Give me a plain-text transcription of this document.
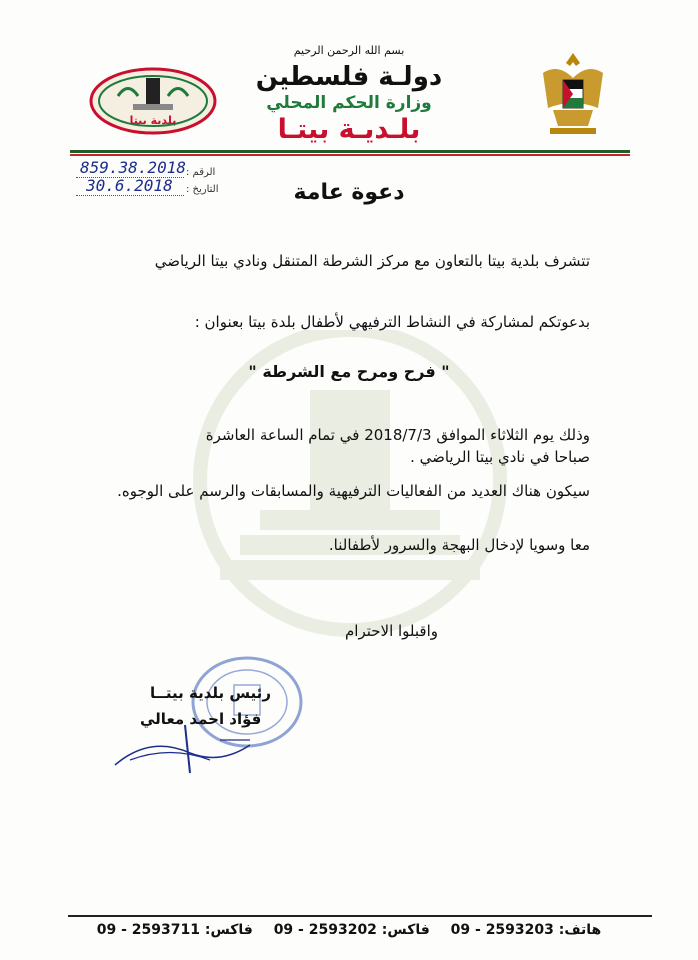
بلدية بيتا
بسم الله الرحمن الرحيم
دولـة فلسطين
وزارة الحكم المحلي
بلـديـة بيتـا
الرقم :
859.38.2018
التاريخ :
30.6.2018	دعوة عامة
تتشرف بلدية بيتا بالتعاون مع مركز الشرطة المتنقل ونادي بيتا الرياضي
بدعوتكم لمشاركة في النشاط الترفيهي لأطفال بلدة بيتا بعنوان :
" فرح ومرح مع الشرطة "
وذلك يوم الثلاثاء الموافق 2018/7/3 في تمام الساعة العاشرة صباحا في نادي بيتا الرياضي .
سيكون هناك العديد من الفعاليات الترفيهية والمسابقات والرسم على الوجوه.
معا وسويا لإدخال البهجة والسرور لأطفالنا.
واقبلوا الاحترام
رئيس بلدية بيتــا
فؤاد احمد معالي
هاتف: 2593203 - 09 فاكس: 2593202 - 09 فاكس: 2593711 - 09
